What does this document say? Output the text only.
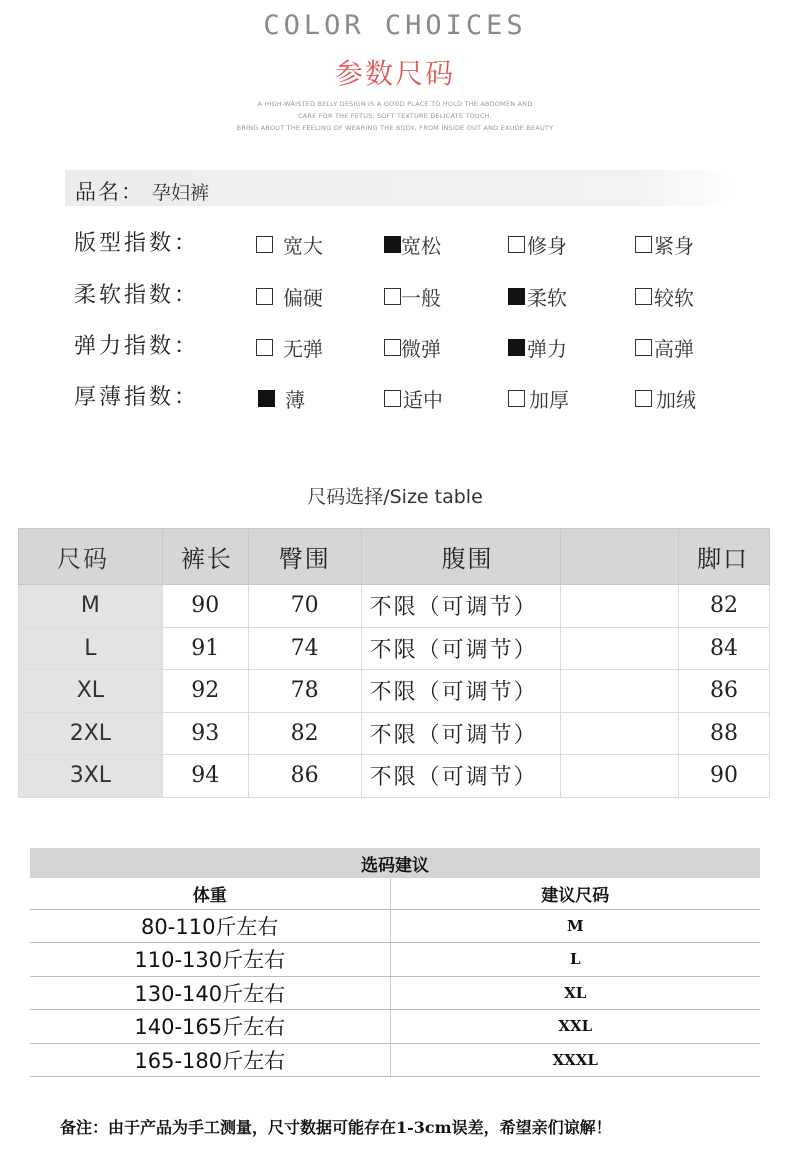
COLOR CHOICES
参数尺码
A HIGH-WAISTED BELLY DESIGN IS A GOOD PLACE TO HOLD THE ABDOMEN AND
CARE FOR THE FETUS, SOFT TEXTURE DELICATE TOUCH,
BRING ABOUT THE FEELING OF WEARING THE BODY, FROM INSIDE OUT AND EXUDE BEAUTY
品名： 孕妇裤
版型指数：	宽大	宽松	修身	紧身
柔软指数：	偏硬	一般	柔软	较软
弹力指数：	无弹	微弹	弹力	高弹
厚薄指数：	薄	适中	加厚	加绒
尺码选择/Size table
尺码	裤长	臀围	腹围		脚口
M	90	70	不限（可调节）		82
L	91	74	不限（可调节）		84
XL	92	78	不限（可调节）		86
2XL	93	82	不限（可调节）		88
3XL	94	86	不限（可调节）		90
选码建议	
体重	建议尺码
80-110斤左右	M
110-130斤左右	L
130-140斤左右	XL
140-165斤左右	XXL
165-180斤左右	XXXL
备注：由于产品为手工测量，尺寸数据可能存在1-3cm误差，希望亲们谅解！
